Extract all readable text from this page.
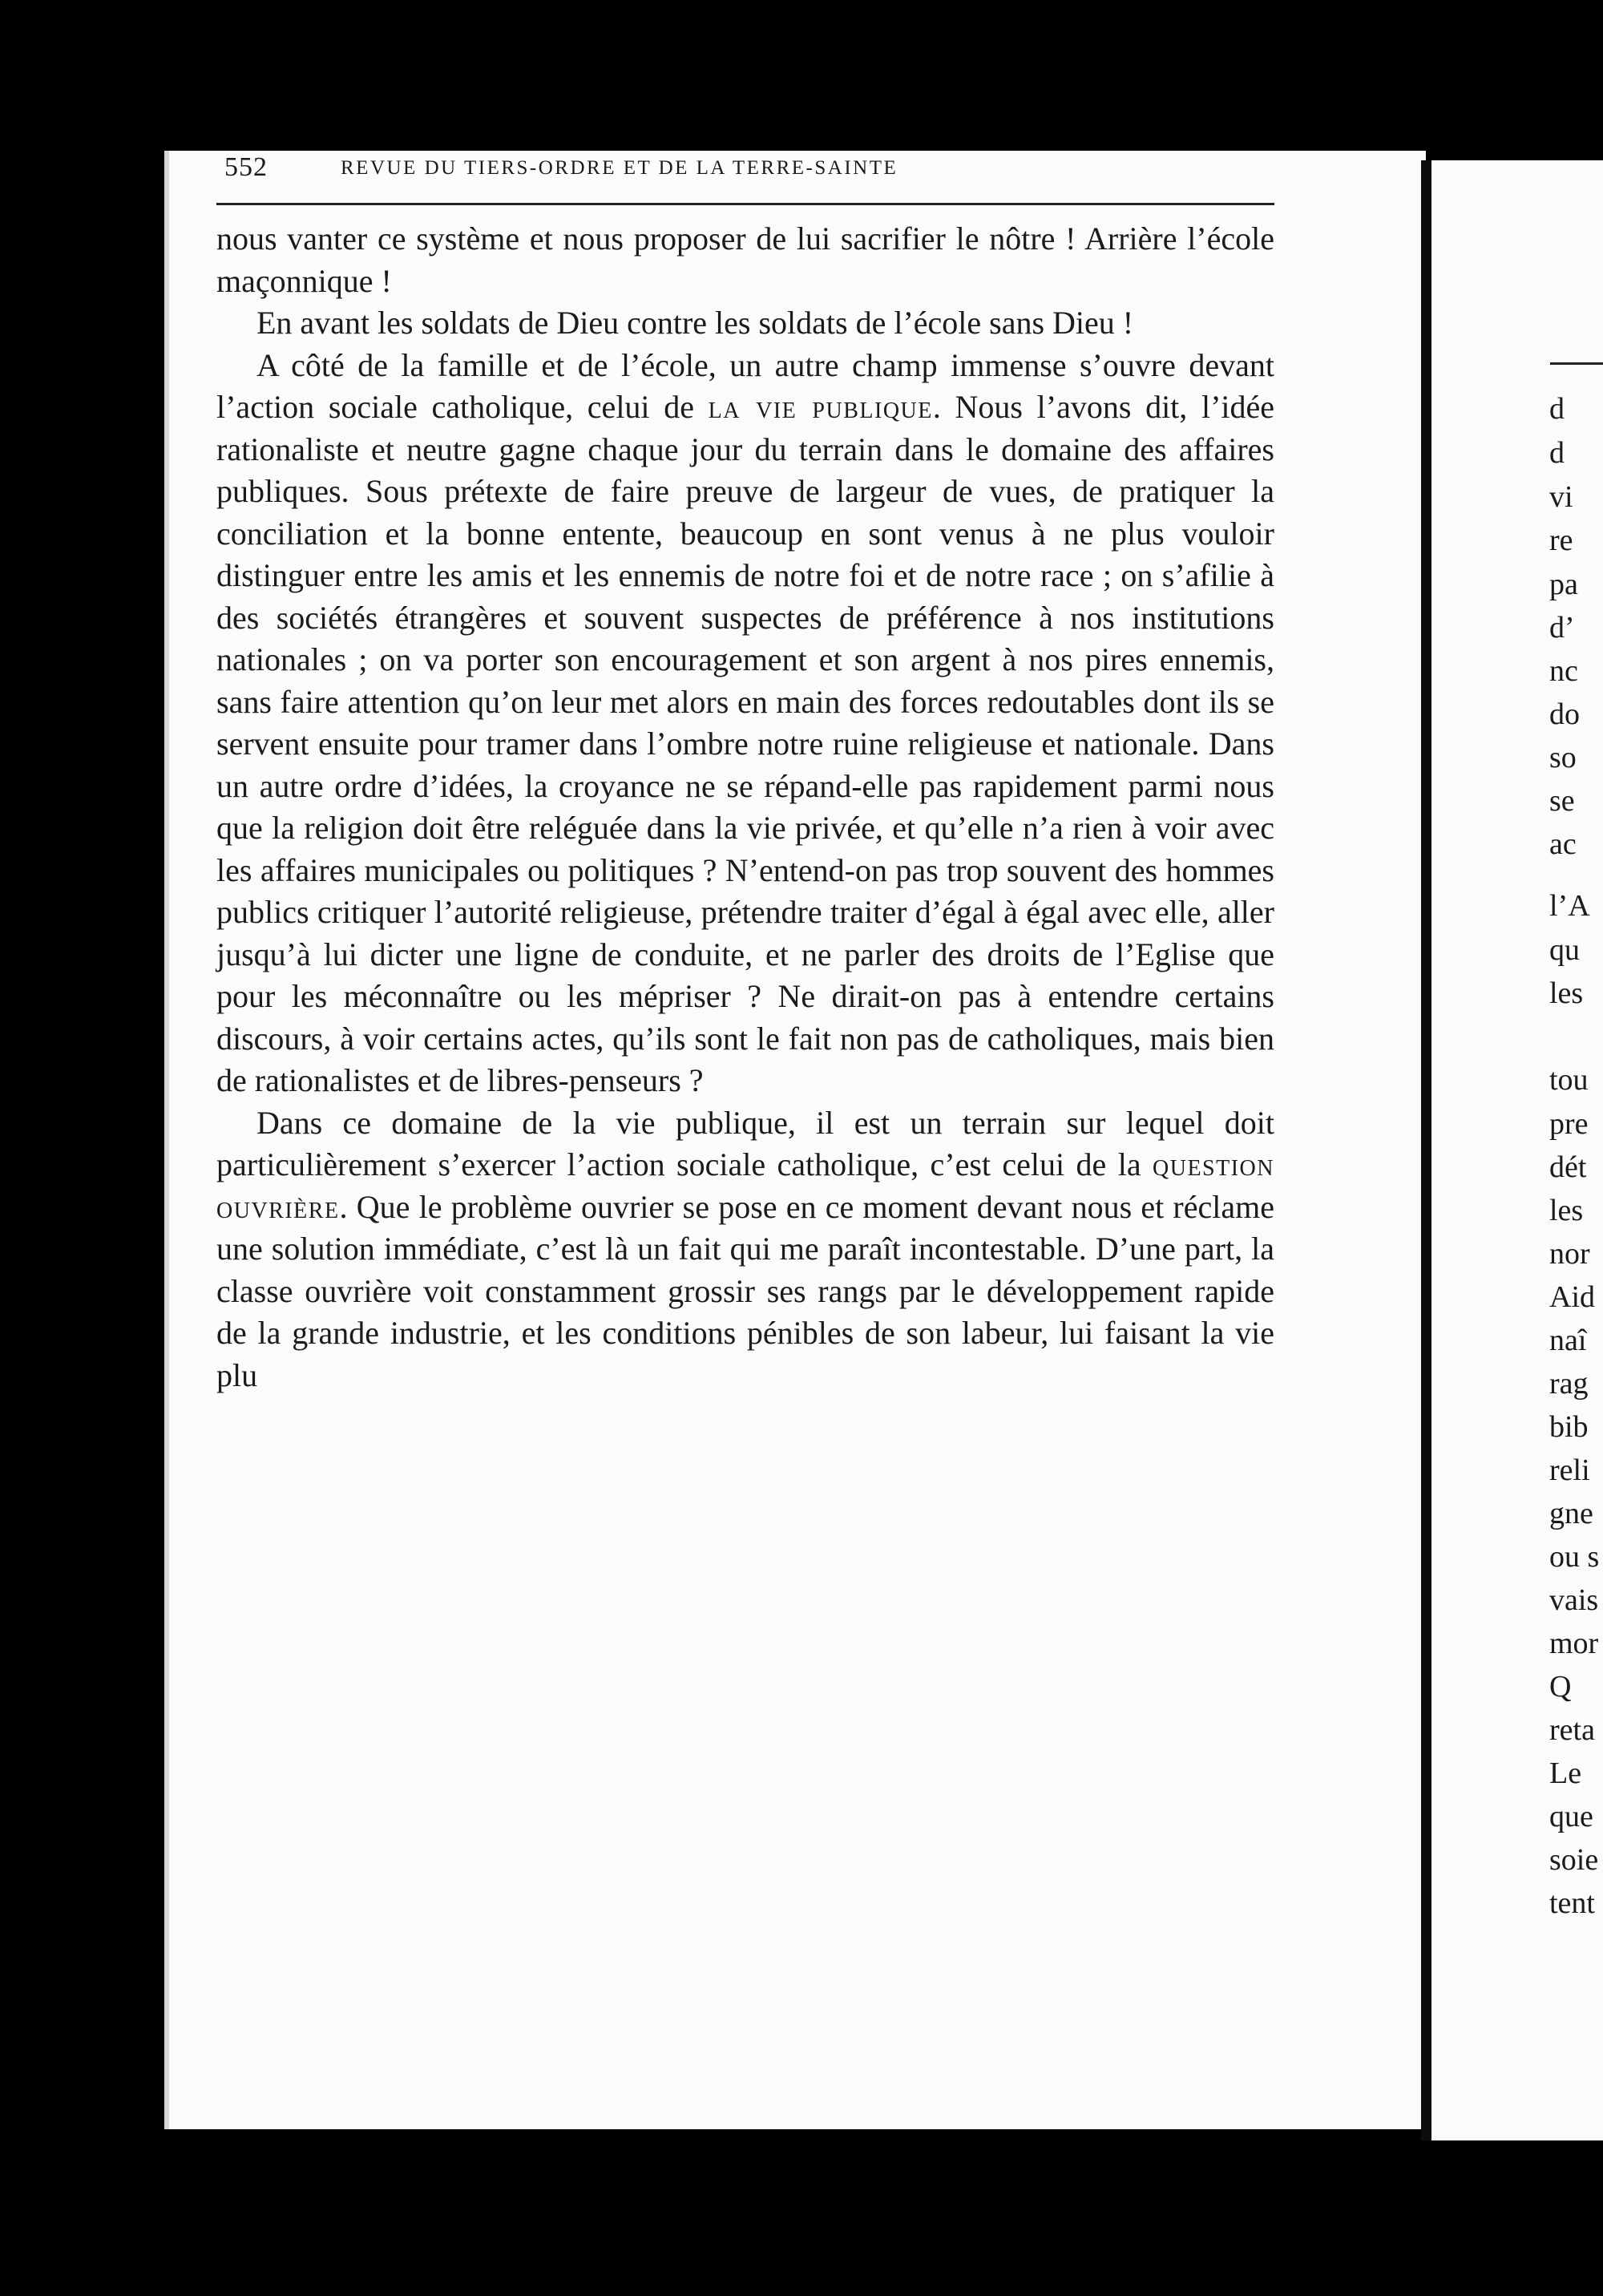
552	REVUE DU TIERS-ORDRE ET DE LA TERRE-SAINTE

nous vanter ce système et nous proposer de lui sacrifier le nôtre ! Arrière l’école maçonnique !

En avant les soldats de Dieu contre les soldats de l’école sans Dieu !

A côté de la famille et de l’école, un autre champ immense s’ouvre devant l’action sociale catholique, celui de la vie publique. Nous l’avons dit, l’idée rationaliste et neutre gagne chaque jour du terrain dans le domaine des affaires publiques. Sous prétexte de faire preuve de largeur de vues, de pratiquer la conciliation et la bonne entente, beaucoup en sont venus à ne plus vouloir distinguer entre les amis et les ennemis de notre foi et de notre race ; on s’afilie à des sociétés étrangères et souvent suspectes de préférence à nos institutions nationales ; on va porter son encouragement et son argent à nos pires ennemis, sans faire attention qu’on leur met alors en main des forces redoutables dont ils se servent ensuite pour tramer dans l’ombre notre ruine religieuse et nationale. Dans un autre ordre d’idées, la croyance ne se répand-elle pas rapidement parmi nous que la religion doit être reléguée dans la vie privée, et qu’elle n’a rien à voir avec les affaires municipales ou politiques ? N’entend-on pas trop souvent des hommes publics critiquer l’autorité religieuse, prétendre traiter d’égal à égal avec elle, aller jusqu’à lui dicter une ligne de conduite, et ne parler des droits de l’Eglise que pour les méconnaître ou les mépriser ? Ne dirait-on pas à entendre certains discours, à voir certains actes, qu’ils sont le fait non pas de catholiques, mais bien de rationalistes et de libres-penseurs ?

Dans ce domaine de la vie publique, il est un terrain sur lequel doit particulièrement s’exercer l’action sociale catholique, c’est celui de la question ouvrière. Que le problème ouvrier se pose en ce moment devant nous et réclame une solution immédiate, c’est là un fait qui me paraît incontestable. D’une part, la classe ouvrière voit constamment grossir ses rangs par le développement rapide de la grande industrie, et les conditions pénibles de son labeur, lui faisant la vie plu

d
d
vi
re
pa
d’
nc
do
so
se
ac
l’A
qu
les
tou
pre
dét
les
nor
Aid
naî
rag
bib
reli
gne
ou s
vais
mor
Q
reta
Le
que
soie
tent
